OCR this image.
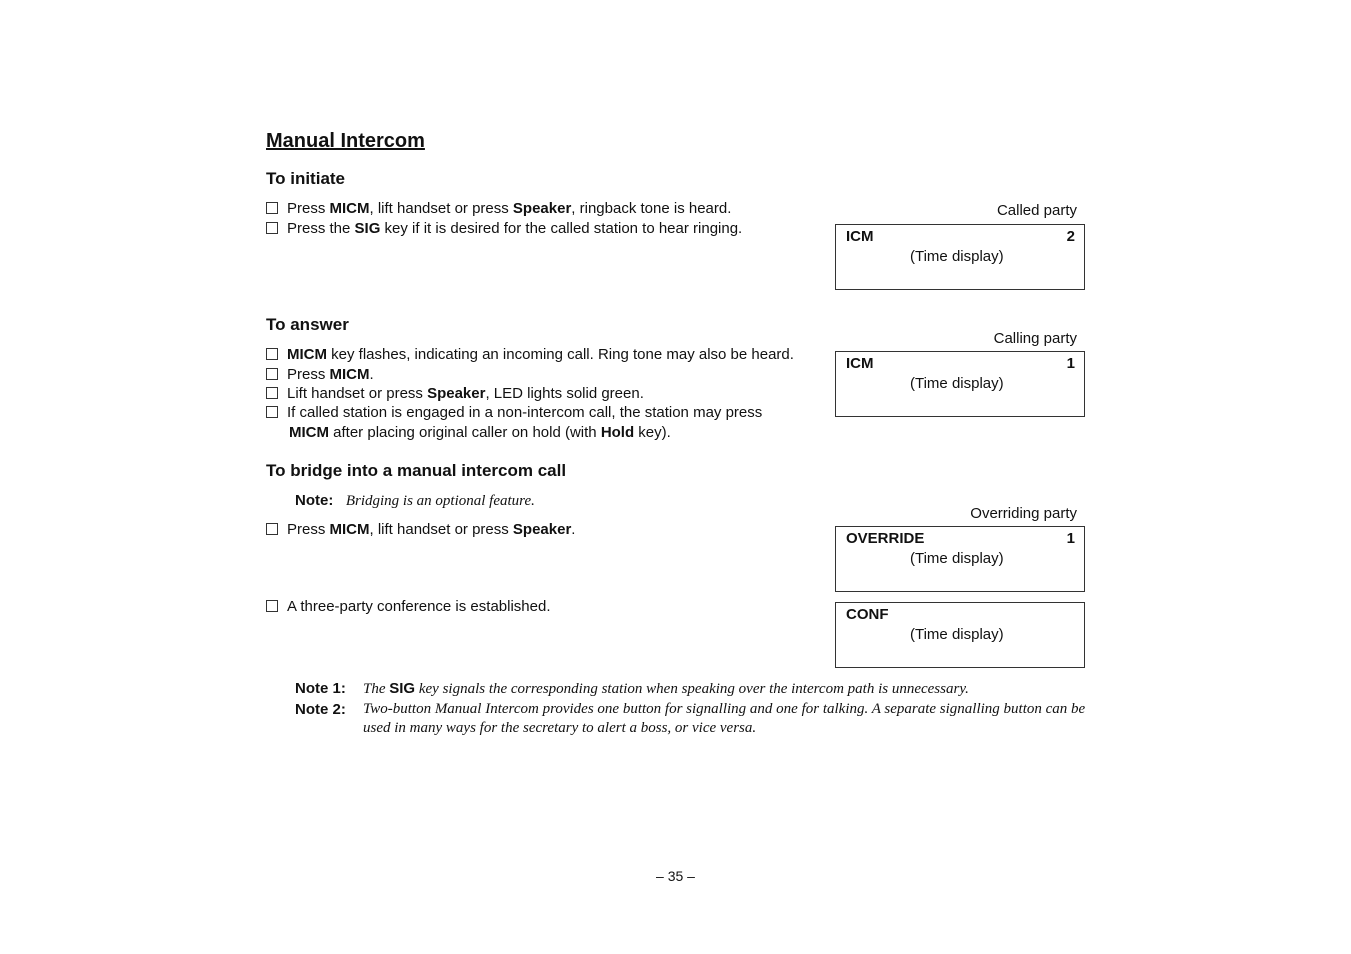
Manual Intercom
To initiate
Press MICM, lift handset or press Speaker, ringback tone is heard.
Press the SIG key if it is desired for the called station to hear ringing.
To answer
MICM key flashes, indicating an incoming call. Ring tone may also be heard.
Press MICM.
Lift handset or press Speaker, LED lights solid green.
If called station is engaged in a non-intercom call, the station may press
MICM after placing original caller on hold (with Hold key).
To bridge into a manual intercom call
Note: Bridging is an optional feature.
Press MICM, lift handset or press Speaker.
A three-party conference is established.
Called party
ICM	2
(Time display)
Calling party
ICM	1
(Time display)
Overriding party
OVERRIDE	1
(Time display)
CONF
(Time display)
Note 1:	The SIG key signals the corresponding station when speaking over the intercom path is unnecessary.
Note 2:	Two-button Manual Intercom provides one button for signalling and one for talking. A separate signalling button can be used in many ways for the secretary to alert a boss, or vice versa.
– 35 –
